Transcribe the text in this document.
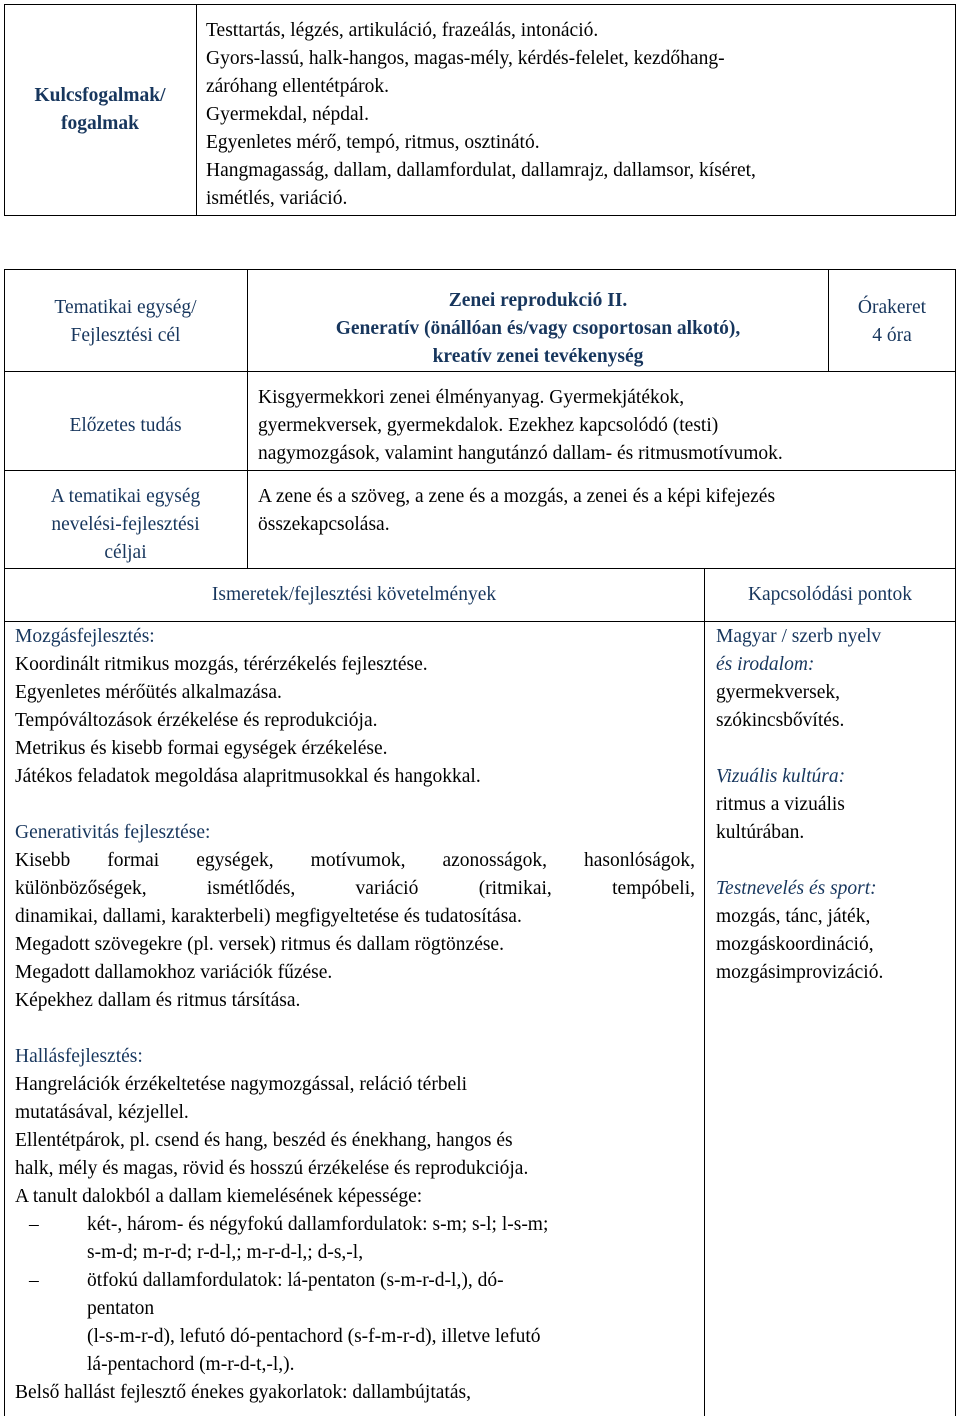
Kulcsfogalmak/
fogalmak
Testtartás, légzés, artikuláció, frazeálás, intonáció.
Gyors-lassú, halk-hangos, magas-mély, kérdés-felelet, kezdőhang-
záróhang ellentétpárok.
Gyermekdal, népdal.
Egyenletes mérő, tempó, ritmus, osztinátó.
Hangmagasság, dallam, dallamfordulat, dallamrajz, dallamsor, kíséret,
ismétlés, variáció.
Tematikai egység/
Fejlesztési cél
Zenei reprodukció II.
Generatív (önállóan és/vagy csoportosan alkotó),
kreatív zenei tevékenység
Órakeret
4 óra
Előzetes tudás
Kisgyermekkori zenei élményanyag. Gyermekjátékok,
gyermekversek, gyermekdalok. Ezekhez kapcsolódó (testi)
nagymozgások, valamint hangutánzó dallam- és ritmusmotívumok.
A tematikai egység
nevelési-fejlesztési
céljai
A zene és a szöveg, a zene és a mozgás, a zenei és a képi kifejezés
összekapcsolása.
Ismeretek/fejlesztési követelmények	Kapcsolódási pontok
Mozgásfejlesztés:
Koordinált ritmikus mozgás, térérzékelés fejlesztése.
Egyenletes mérőütés alkalmazása.
Tempóváltozások érzékelése és reprodukciója.
Metrikus és kisebb formai egységek érzékelése.
Játékos feladatok megoldása alapritmusokkal és hangokkal.
Generativitás fejlesztése:
Kisebb formai egységek, motívumok, azonosságok, hasonlóságok,
különbözőségek, ismétlődés, variáció (ritmikai, tempóbeli,
dinamikai, dallami, karakterbeli) megfigyeltetése és tudatosítása.
Megadott szövegekre (pl. versek) ritmus és dallam rögtönzése.
Megadott dallamokhoz variációk fűzése.
Képekhez dallam és ritmus társítása.
Hallásfejlesztés:
Hangrelációk érzékeltetése nagymozgással, reláció térbeli
mutatásával, kézjellel.
Ellentétpárok, pl. csend és hang, beszéd és énekhang, hangos és
halk, mély és magas, rövid és hosszú érzékelése és reprodukciója.
A tanult dalokból a dallam kiemelésének képessége:
– két-, három- és négyfokú dallamfordulatok: s-m; s-l; l-s-m;
s-m-d; m-r-d; r-d-l,; m-r-d-l,; d-s,-l,
– ötfokú dallamfordulatok: lá-pentaton (s-m-r-d-l,), dó-
pentaton
(l-s-m-r-d), lefutó dó-pentachord (s-f-m-r-d), illetve lefutó
lá-pentachord (m-r-d-t,-l,).
Belső hallást fejlesztő énekes gyakorlatok: dallambújtatás,
Magyar / szerb nyelv
és irodalom:
gyermekversek,
szókincsbővítés.
Vizuális kultúra:
ritmus a vizuális
kultúrában.
Testnevelés és sport:
mozgás, tánc, játék,
mozgáskoordináció,
mozgásimprovizáció.
